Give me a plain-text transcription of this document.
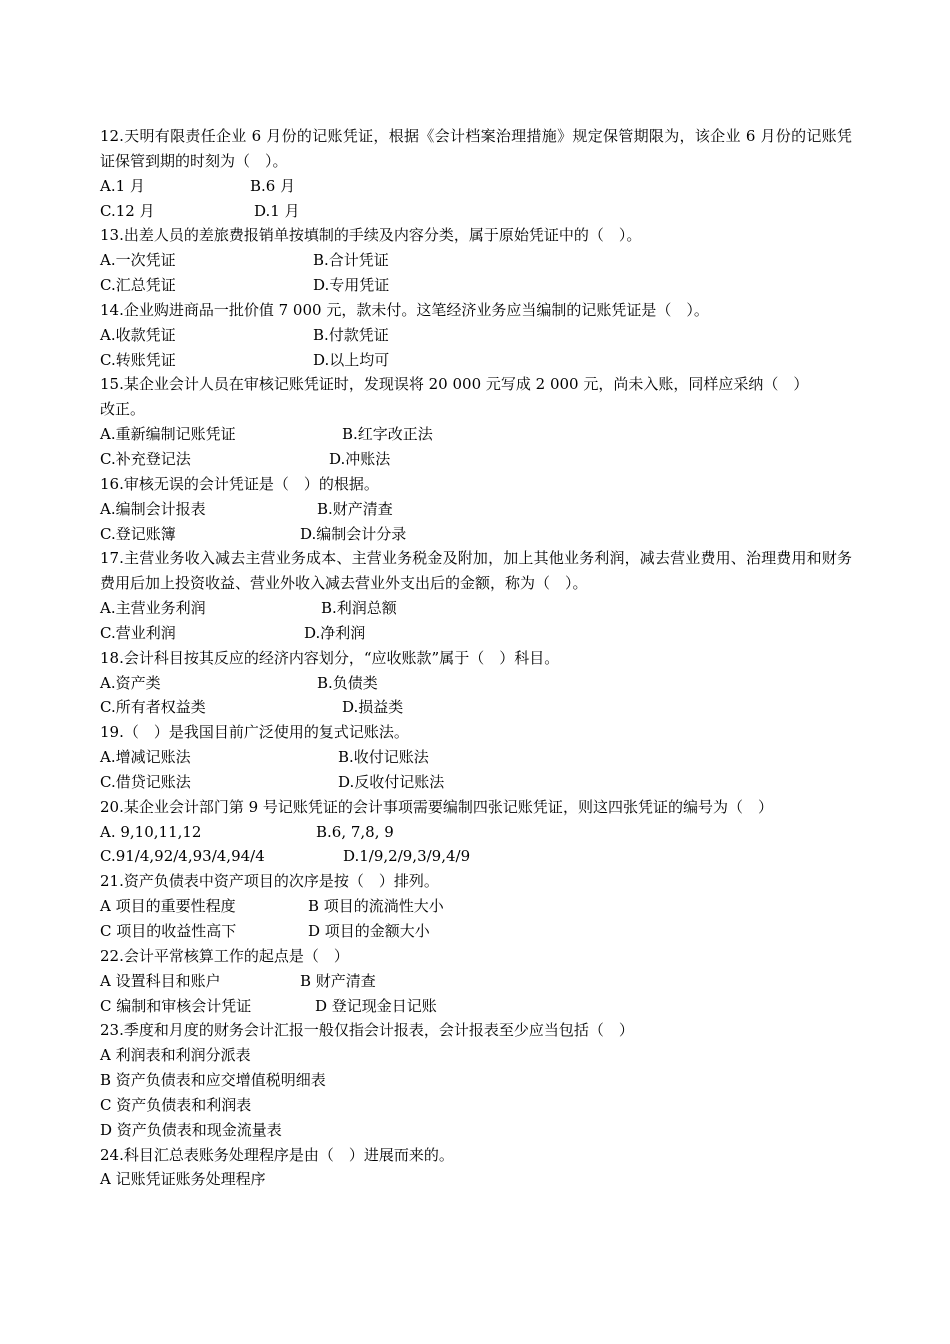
12.天明有限责任企业 6 月份的记账凭证，根据《会计档案治理措施》规定保管期限为，该企业 6 月份的记账凭证保管到期的时刻为（　）。
A.1 月	B.6 月
C.12 月	D.1 月
13.出差人员的差旅费报销单按填制的手续及内容分类，属于原始凭证中的（　）。
A.一次凭证	B.合计凭证
C.汇总凭证	D.专用凭证
14.企业购进商品一批价值 7 000 元，款未付。这笔经济业务应当编制的记账凭证是（　）。
A.收款凭证	B.付款凭证
C.转账凭证	D.以上均可
15.某企业会计人员在审核记账凭证时，发现误将 20 000 元写成 2 000 元，尚未入账，同样应采纳（　）
改正。
A.重新编制记账凭证	B.红字改正法
C.补充登记法	D.冲账法
16.审核无误的会计凭证是（　）的根据。
A.编制会计报表	B.财产清查
C.登记账簿	D.编制会计分录
17.主营业务收入减去主营业务成本、主营业务税金及附加，加上其他业务利润，减去营业费用、治理费用和财务费用后加上投资收益、营业外收入减去营业外支出后的金额，称为（　）。
A.主营业务利润	B.利润总额
C.营业利润	D.净利润
18.会计科目按其反应的经济内容划分，“应收账款”属于（　）科目。
A.资产类	B.负债类
C.所有者权益类	D.损益类
19.（　）是我国目前广泛使用的复式记账法。
A.增减记账法	B.收付记账法
C.借贷记账法	D.反收付记账法
20.某企业会计部门第 9 号记账凭证的会计事项需要编制四张记账凭证，则这四张凭证的编号为（　）
A. 9,10,11,12	B.6, 7,8, 9
C.91/4,92/4,93/4,94/4	D.1/9,2/9,3/9,4/9
21.资产负债表中资产项目的次序是按（　）排列。
A 项目的重要性程度	B 项目的流淌性大小
C 项目的收益性高下	D 项目的金额大小
22.会计平常核算工作的起点是（　）
A 设置科目和账户	B 财产清查
C 编制和审核会计凭证	D 登记现金日记账
23.季度和月度的财务会计汇报一般仅指会计报表，会计报表至少应当包括（　）
A 利润表和利润分派表
B 资产负债表和应交增值税明细表
C 资产负债表和利润表
D 资产负债表和现金流量表
24.科目汇总表账务处理程序是由（　）进展而来的。
A 记账凭证账务处理程序
